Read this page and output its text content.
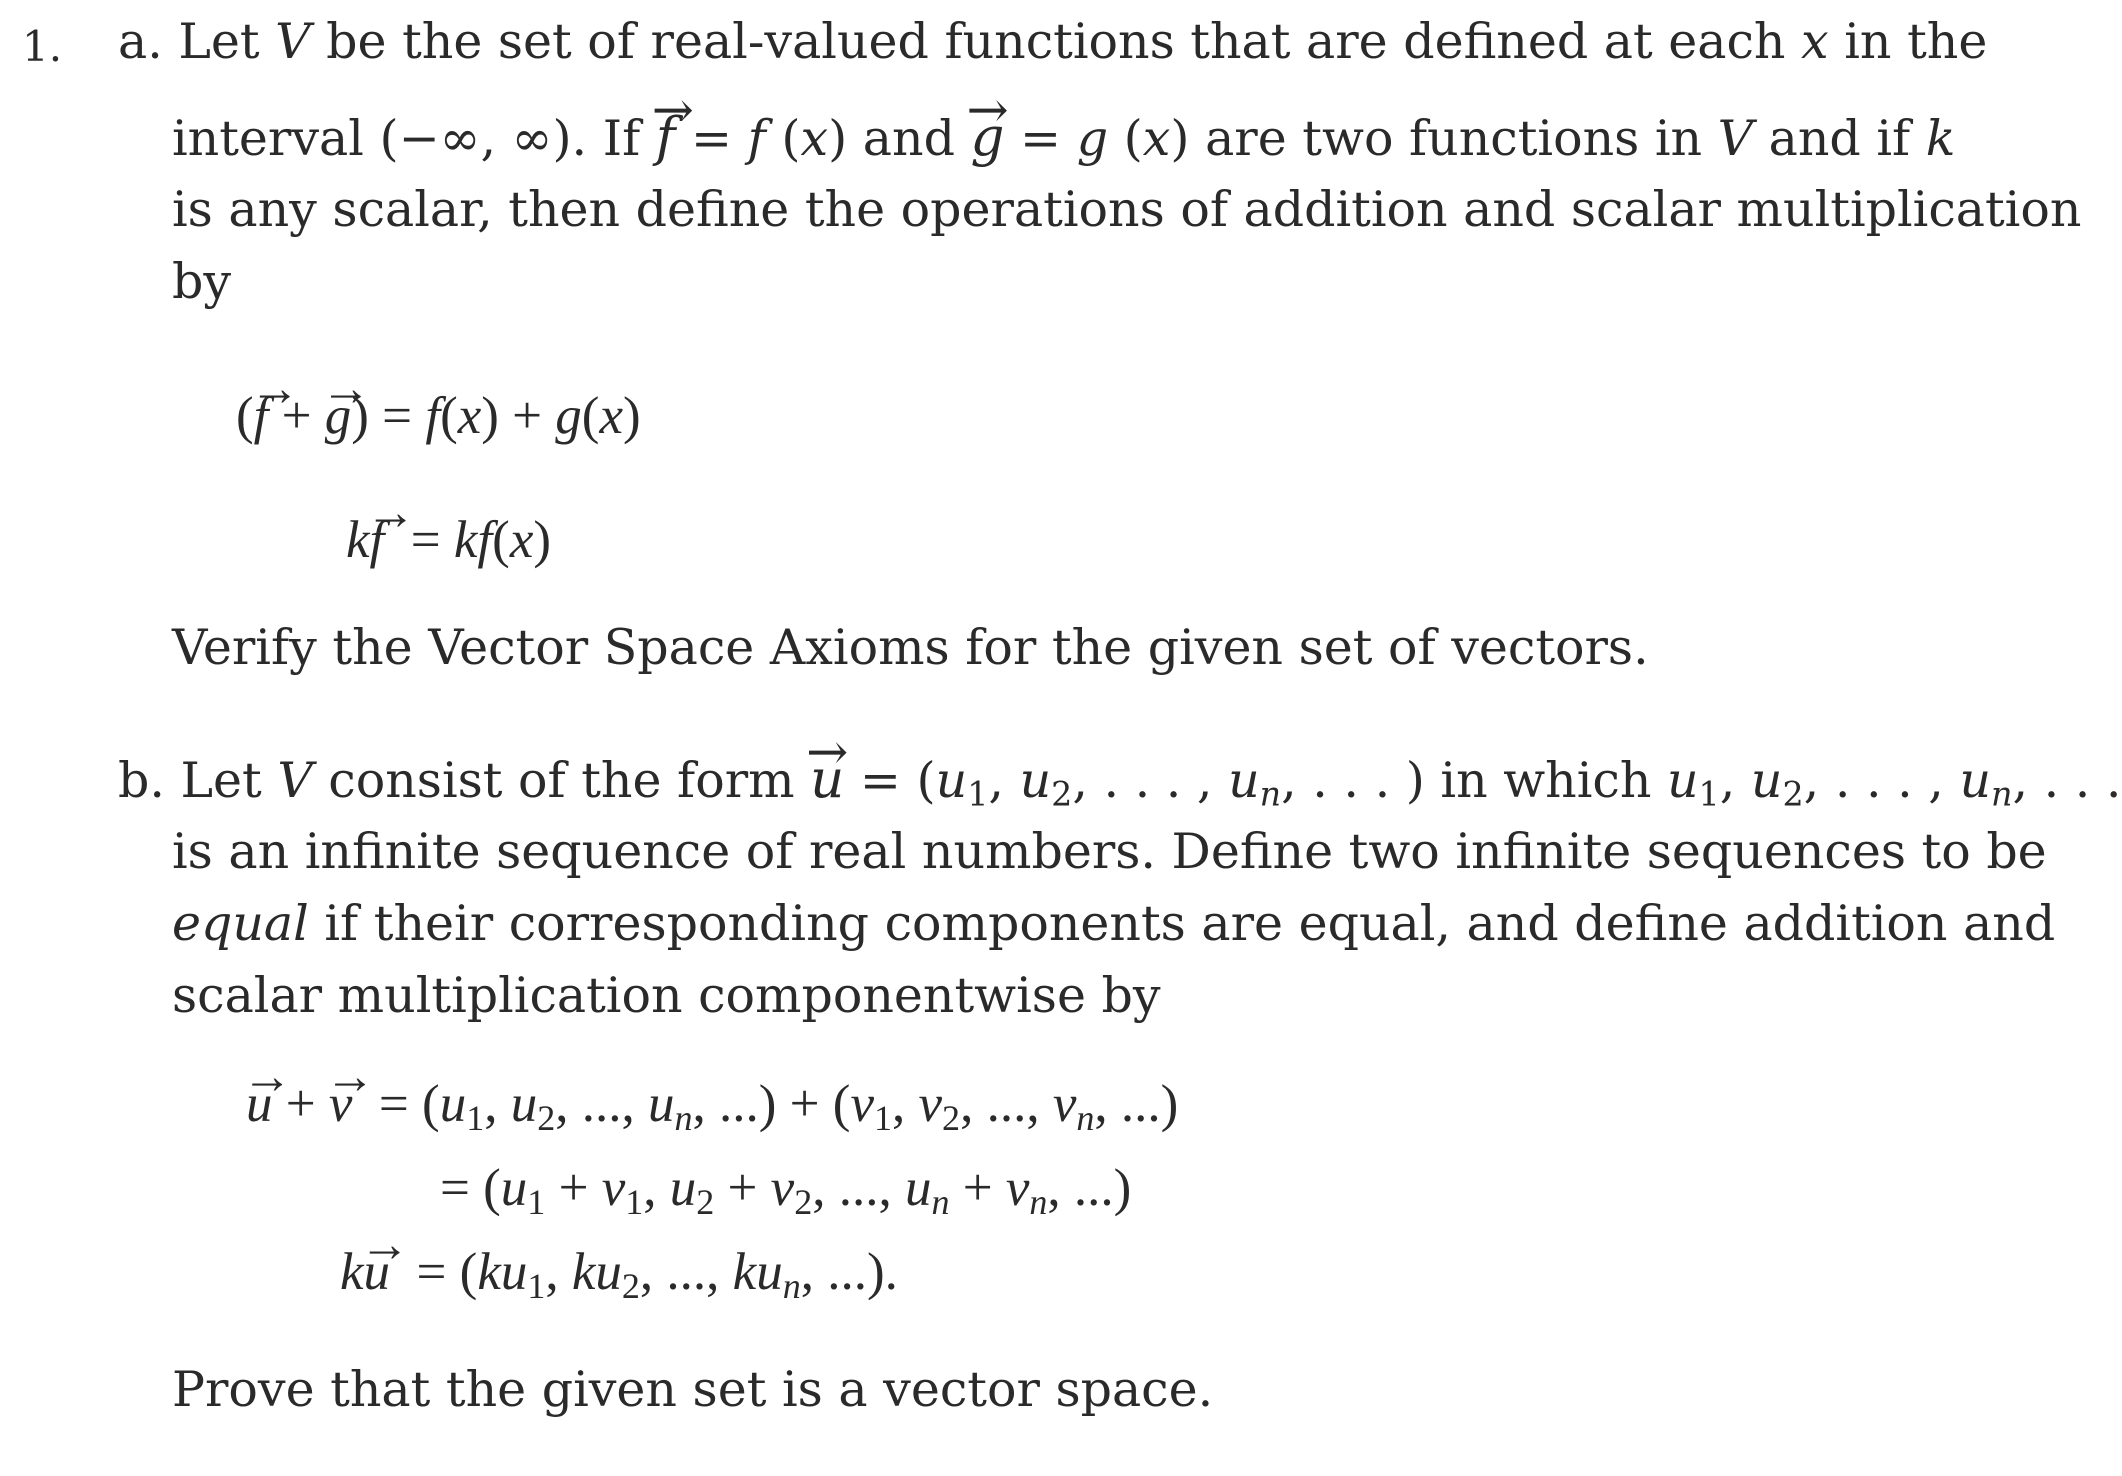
1. a. Let V be the set of real-valued functions that are defined at each x in the
interval (−∞, ∞). If → f = f (x) and → g = g (x) are two functions in V and if k
is any scalar, then define the operations of addition and scalar multiplication
by
(→ f + → g) = f(x) + g(x)
k→ f  = kf(x)
Verify the Vector Space Axioms for the given set of vectors.
b. Let V consist of the form → $u = (u_1$, $u_2$, . . . , $u_n$, . . . ) in which $u_1$, $u_2$, . . . , $u_n$, . . .
is an infinite sequence of real numbers. Define two infinite sequences to be
equal if their corresponding components are equal, and define addition and
scalar multiplication componentwise by
→ u + → $v = (u_1$, $u_2$, ..., $u_n$, ...) + ($v_1$, $v_2$, ..., $v_n$, ...)
= ($u_1 + v_1$, $u_2 + v_2$, ..., $u_n + v_n$, ...)
$k\to u = (ku_1$, $ku_2$, ..., $ku_n$, ...).
Prove that the given set is a vector space.
